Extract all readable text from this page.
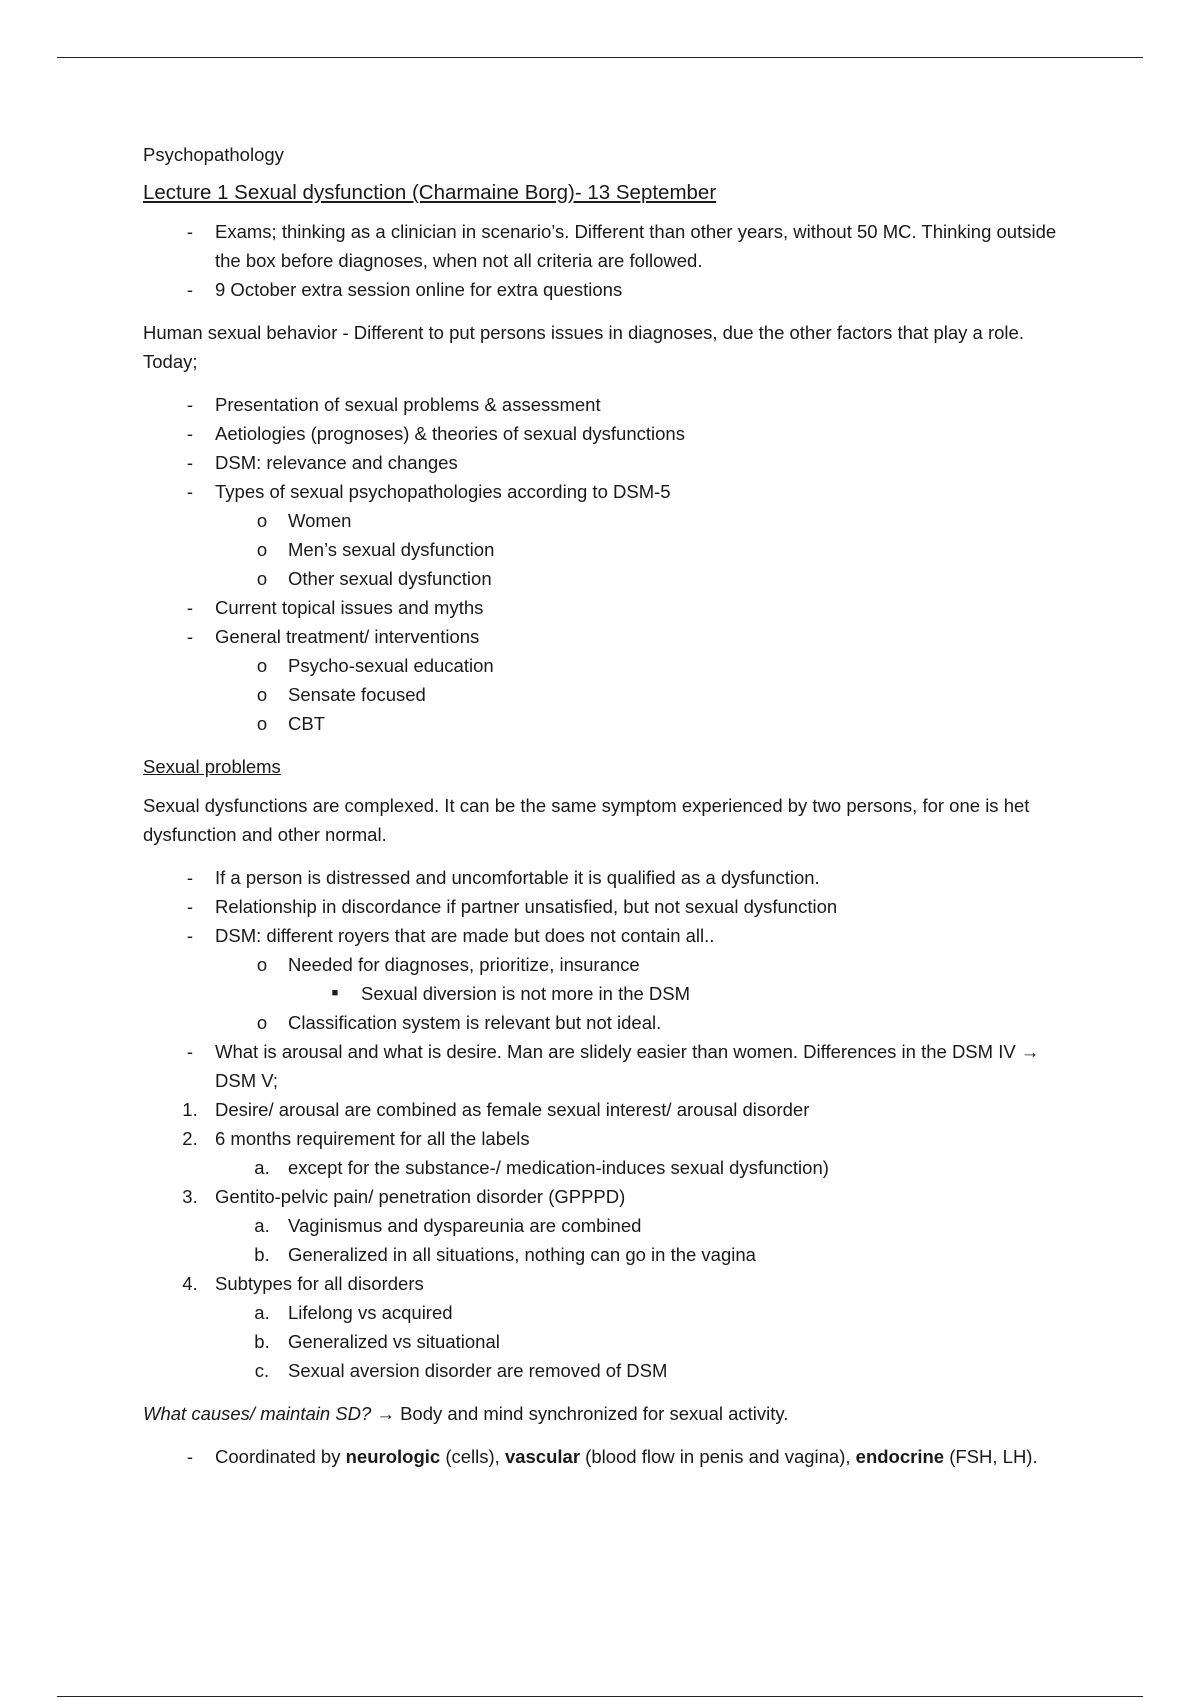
Psychopathology

Lecture 1 Sexual dysfunction (Charmaine Borg)- 13 September

-	Exams; thinking as a clinician in scenario’s. Different than other years, without 50 MC. Thinking outside the box before diagnoses, when not all criteria are followed.
-	9 October extra session online for extra questions

Human sexual behavior - Different to put persons issues in diagnoses, due the other factors that play a role. Today;

-	Presentation of sexual problems & assessment
-	Aetiologies (prognoses) & theories of sexual dysfunctions
-	DSM: relevance and changes
-	Types of sexual psychopathologies according to DSM-5
o	Women
o	Men’s sexual dysfunction
o	Other sexual dysfunction
-	Current topical issues and myths
-	General treatment/ interventions
o	Psycho-sexual education
o	Sensate focused
o	CBT

Sexual problems

Sexual dysfunctions are complexed. It can be the same symptom experienced by two persons, for one is het dysfunction and other normal.

-	If a person is distressed and uncomfortable it is qualified as a dysfunction.
-	Relationship in discordance if partner unsatisfied, but not sexual dysfunction
-	DSM: different royers that are made but does not contain all..
o	Needed for diagnoses, prioritize, insurance
■	Sexual diversion is not more in the DSM
o	Classification system is relevant but not ideal.
-	What is arousal and what is desire. Man are slidely easier than women. Differences in the DSM IV → DSM V;
1. Desire/ arousal are combined as female sexual interest/ arousal disorder
2. 6 months requirement for all the labels
a. except for the substance-/ medication-induces sexual dysfunction)
3. Gentito-pelvic pain/ penetration disorder (GPPPD)
a. Vaginismus and dyspareunia are combined
b. Generalized in all situations, nothing can go in the vagina
4. Subtypes for all disorders
a. Lifelong vs acquired
b. Generalized vs situational
c.	Sexual aversion disorder are removed of DSM

What causes/ maintain SD? → Body and mind synchronized for sexual activity.

-	Coordinated by neurologic (cells), vascular (blood flow in penis and vagina), endocrine (FSH, LH).
